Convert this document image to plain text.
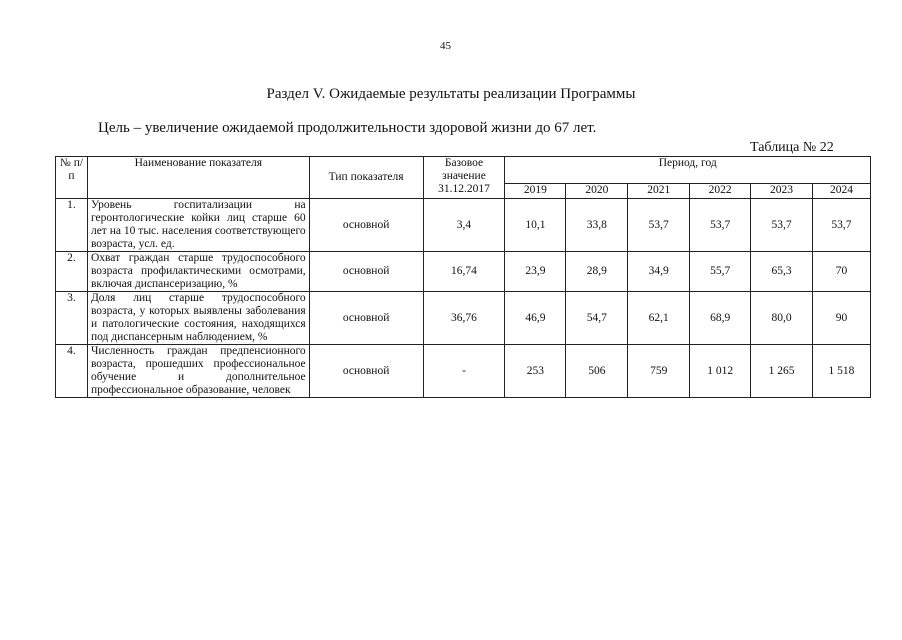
45
Раздел V. Ожидаемые результаты реализации Программы
Цель – увеличение ожидаемой продолжительности здоровой жизни до 67 лет.
Таблица № 22
№ п/п	Наименование показателя	Тип показателя	Базовое значение 31.12.2017	Период, год					
				2019	2020	2021	2022	2023	2024
1.	Уровень госпитализации на геронтологические койки лиц старше 60 лет на 10 тыс. населения соответствующего возраста, усл. ед.	основной	3,4	10,1	33,8	53,7	53,7	53,7	53,7
2.	Охват граждан старше трудоспособного возраста профилактическими осмотрами, включая диспансеризацию, %	основной	16,74	23,9	28,9	34,9	55,7	65,3	70
3.	Доля лиц старше трудоспособного возраста, у которых выявлены заболевания и патологические состояния, находящихся под диспансерным наблюдением, %	основной	36,76	46,9	54,7	62,1	68,9	80,0	90
4.	Численность граждан предпенсионного возраста, прошедших профессиональное обучение и дополнительное профессиональное образование, человек	основной	-	253	506	759	1 012	1 265	1 518
